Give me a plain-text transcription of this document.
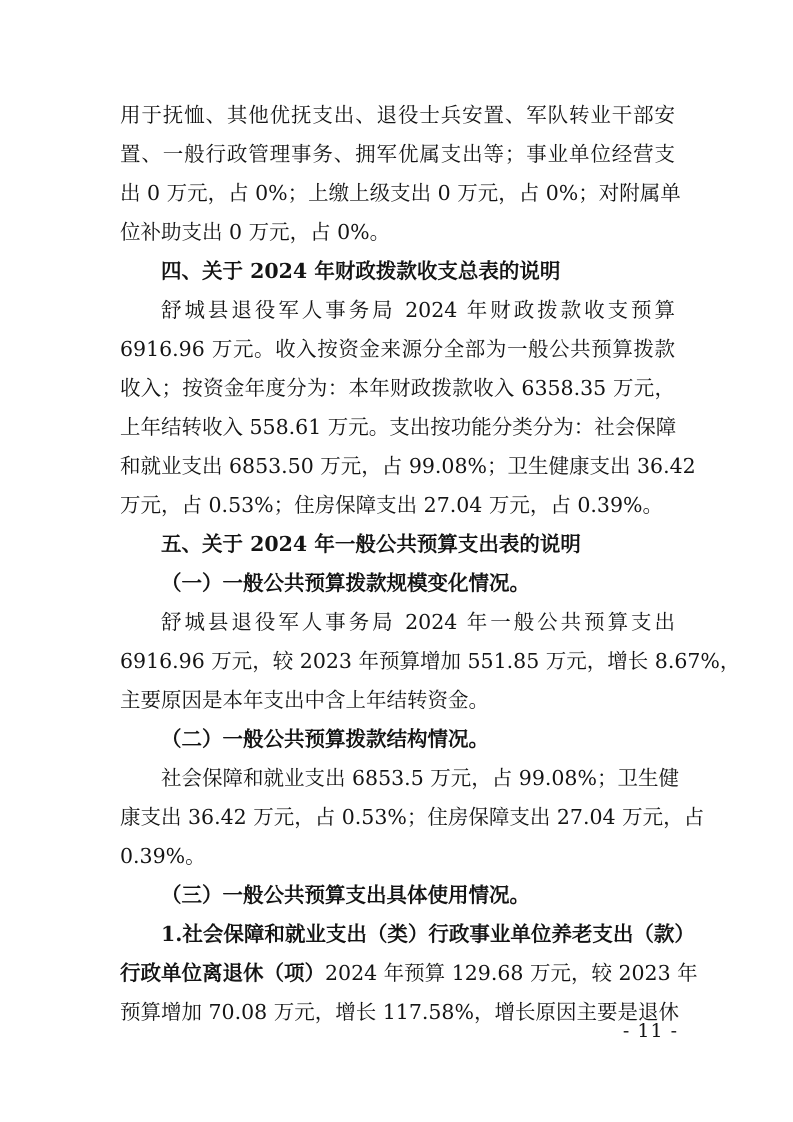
用于抚恤、其他优抚支出、退役士兵安置、军队转业干部安
置、一般行政管理事务、拥军优属支出等；事业单位经营支
出 0 万元，占 0%；上缴上级支出 0 万元，占 0%；对附属单
位补助支出 0 万元，占 0%。
四、关于 2024 年财政拨款收支总表的说明
舒城县退役军人事务局 2024 年财政拨款收支预算
6916.96 万元。收入按资金来源分全部为一般公共预算拨款
收入；按资金年度分为：本年财政拨款收入 6358.35 万元，
上年结转收入 558.61 万元。支出按功能分类分为：社会保障
和就业支出 6853.50 万元，占 99.08%；卫生健康支出 36.42
万元，占 0.53%；住房保障支出 27.04 万元，占 0.39%。
五、关于 2024 年一般公共预算支出表的说明
（一）一般公共预算拨款规模变化情况。
舒城县退役军人事务局 2024 年一般公共预算支出
6916.96 万元，较 2023 年预算增加 551.85 万元，增长 8.67%，
主要原因是本年支出中含上年结转资金。
（二）一般公共预算拨款结构情况。
社会保障和就业支出 6853.5 万元，占 99.08%；卫生健
康支出 36.42 万元，占 0.53%；住房保障支出 27.04 万元，占
0.39%。
（三）一般公共预算支出具体使用情况。
1.社会保障和就业支出（类）行政事业单位养老支出（款）
行政单位离退休（项）2024 年预算 129.68 万元，较 2023 年
预算增加 70.08 万元，增长 117.58%，增长原因主要是退休
- 11 -
